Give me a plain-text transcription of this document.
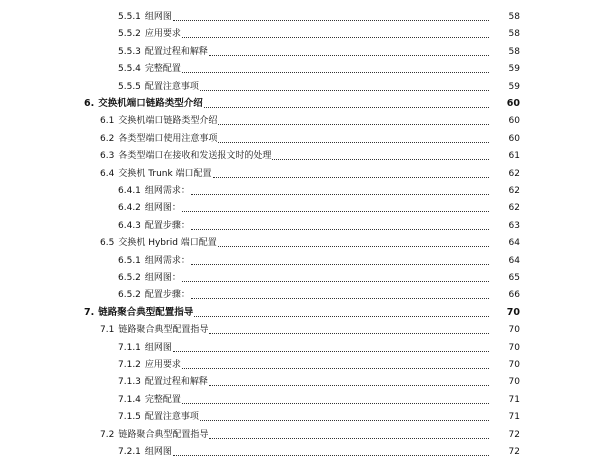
5.5.1 组网图	58
5.5.2 应用要求	58
5.5.3 配置过程和解释	58
5.5.4 完整配置	59
5.5.5 配置注意事项	59
6. 交换机端口链路类型介绍	60
6.1 交换机端口链路类型介绍	60
6.2 各类型端口使用注意事项	60
6.3 各类型端口在接收和发送报文时的处理	61
6.4 交换机 Trunk 端口配置	62
6.4.1 组网需求：	62
6.4.2 组网图：	62
6.4.3 配置步骤：	63
6.5 交换机 Hybrid 端口配置	64
6.5.1 组网需求：	64
6.5.2 组网图：	65
6.5.2 配置步骤：	66
7. 链路聚合典型配置指导	70
7.1 链路聚合典型配置指导	70
7.1.1 组网图	70
7.1.2 应用要求	70
7.1.3 配置过程和解释	70
7.1.4 完整配置	71
7.1.5 配置注意事项	71
7.2 链路聚合典型配置指导	72
7.2.1 组网图	72
